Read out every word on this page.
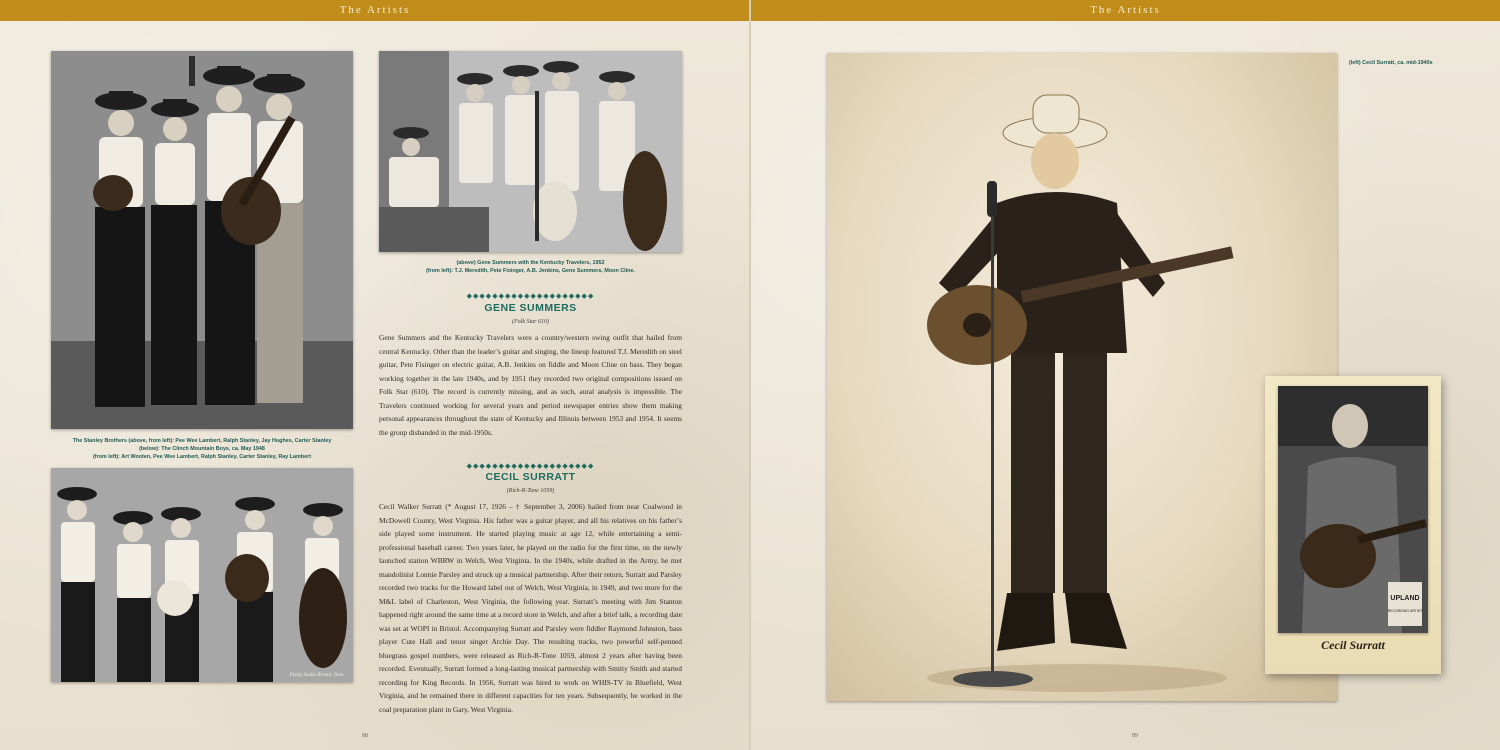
The Artists
The Stanley Brothers (above, from left): Pee Wee Lambert, Ralph Stanley, Jay Hughes, Carter Stanley
(below): The Clinch Mountain Boys, ca. May 1948
(from left): Art Wooten, Pee Wee Lambert, Ralph Stanley, Carter Stanley, Ray Lambert
Pixley Studio Bristol, Tenn.
(above) Gene Summers with the Kentucky Travelers, 1952
(from left): T.J. Meredith, Pete Fisinger, A.B. Jenkins, Gene Summers, Moon Cline.
◆◆◆◆◆◆◆◆◆◆◆◆◆◆◆◆◆◆◆◆
GENE SUMMERS
(Folk Star 610)
Gene Summers and the Kentucky Travelers were a country/western swing outfit that hailed from central Kentucky. Other than the leader’s guitar and singing, the lineup featured T.J. Meredith on steel guitar, Pete Fisinger on electric guitar, A.B. Jenkins on fiddle and Moon Cline on bass. They began working together in the late 1940s, and by 1951 they recorded two original compositions issued on Folk Star (610). The record is currently missing, and as such, aural analysis is impossible. The Travelers continued working for several years and period newspaper entries show them making personal appearances throughout the state of Kentucky and Illinois between 1953 and 1954. It seems the group disbanded in the mid-1950s.
◆◆◆◆◆◆◆◆◆◆◆◆◆◆◆◆◆◆◆◆
CECIL SURRATT
(Rich-R-Tone 1059)
Cecil Walker Surratt (* August 17, 1926 – † September 3, 2006) hailed from near Coalwood in McDowell County, West Virginia. His father was a guitar player, and all his relatives on his father’s side played some instrument. He started playing music at age 12, while entertaining a semi-professional baseball career. Two years later, he played on the radio for the first time, on the newly launched station WBRW in Welch, West Virginia. In the 1940s, while drafted in the Army, he met mandolinist Lonnie Parsley and struck up a musical partnership. After their return, Surratt and Parsley recorded two tracks for the Howard label out of Welch, West Virginia, in 1949, and two more for the M&L label of Charleston, West Virginia, the following year. Surratt’s meeting with Jim Stanton happened right around the same time at a record store in Welch, and after a brief talk, a recording date was set at WOPI in Bristol. Accompanying Surratt and Parsley were fiddler Raymond Johnston, bass player Cute Hall and tenor singer Archie Day. The resulting tracks, two powerful self-penned bluegrass gospel numbers, were released as Rich-R-Tone 1059, almost 2 years after having been recorded. Eventually, Surratt formed a long-lasting musical partnership with Smitty Smith and started recording for King Records. In 1956, Surratt was hired to work on WHIS-TV in Bluefield, West Virginia, and he remained there in different capacities for ten years. Subsequently, he worked in the coal preparation plant in Gary, West Virginia.
88
The Artists
(left) Cecil Surratt, ca. mid-1940s
UPLAND
RECORDING ARTIST
Cecil Surratt
89
